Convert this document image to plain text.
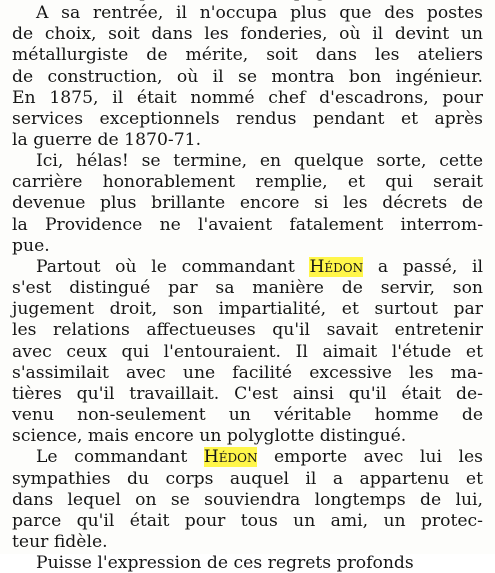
A sa rentrée, il n'occupa plus que des postes
de choix, soit dans les fonderies, où il devint un
métallurgiste de mérite, soit dans les ateliers
de construction, où il se montra bon ingénieur.
En 1875, il était nommé chef d'escadrons, pour
services exceptionnels rendus pendant et après
la guerre de 1870-71.
Ici, hélas! se termine, en quelque sorte, cette
carrière honorablement remplie, et qui serait
devenue plus brillante encore si les décrets de
la Providence ne l'avaient fatalement interrom-
pue.
Partout où le commandant Hédon a passé, il
s'est distingué par sa manière de servir, son
jugement droit, son impartialité, et surtout par
les relations affectueuses qu'il savait entretenir
avec ceux qui l'entouraient. Il aimait l'étude et
s'assimilait avec une facilité excessive les ma-
tières qu'il travaillait. C'est ainsi qu'il était de-
venu non-seulement un véritable homme de
science, mais encore un polyglotte distingué.
Le commandant Hédon emporte avec lui les
sympathies du corps auquel il a appartenu et
dans lequel on se souviendra longtemps de lui,
parce qu'il était pour tous un ami, un protec-
teur fidèle.
Puisse l'expression de ces regrets profonds
